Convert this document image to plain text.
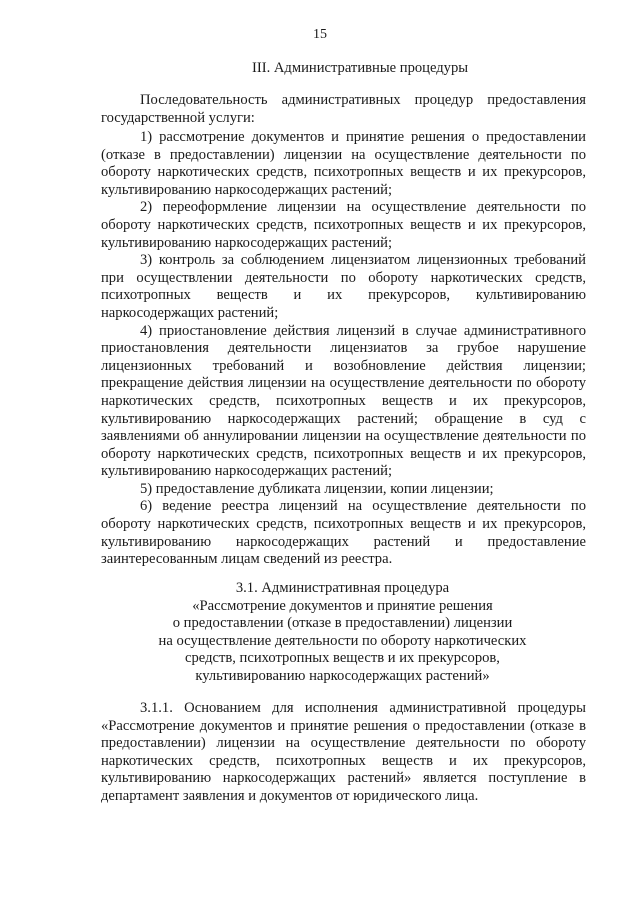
15
III. Административные процедуры

Последовательность административных процедур предоставления государственной услуги:

1) рассмотрение документов и принятие решения о предоставлении (отказе в предоставлении) лицензии на осуществление деятельности по обороту наркотических средств, психотропных веществ и их прекурсоров, культивированию наркосодержащих растений;

2) переоформление лицензии на осуществление деятельности по обороту наркотических средств, психотропных веществ и их прекурсоров, культивированию наркосодержащих растений;

3) контроль за соблюдением лицензиатом лицензионных требований при осуществлении деятельности по обороту наркотических средств, психотропных веществ и их прекурсоров, культивированию наркосодержащих растений;

4) приостановление действия лицензий в случае административного приостановления деятельности лицензиатов за грубое нарушение лицензионных требований и возобновление действия лицензии; прекращение действия лицензии на осуществление деятельности по обороту наркотических средств, психотропных веществ и их прекурсоров, культивированию наркосодержащих растений; обращение в суд с заявлениями об аннулировании лицензии на осуществление деятельности по обороту наркотических средств, психотропных веществ и их прекурсоров, культивированию наркосодержащих растений;

5) предоставление дубликата лицензии, копии лицензии;

6) ведение реестра лицензий на осуществление деятельности по обороту наркотических средств, психотропных веществ и их прекурсоров, культивированию наркосодержащих растений и предоставление заинтересованным лицам сведений из реестра.

3.1. Административная процедура
«Рассмотрение документов и принятие решения
о предоставлении (отказе в предоставлении) лицензии
на осуществление деятельности по обороту наркотических
средств, психотропных веществ и их прекурсоров,
культивированию наркосодержащих растений»

3.1.1. Основанием для исполнения административной процедуры «Рассмотрение документов и принятие решения о предоставлении (отказе в предоставлении) лицензии на осуществление деятельности по обороту наркотических средств, психотропных веществ и их прекурсоров, культивированию наркосодержащих растений» является поступление в департамент заявления и документов от юридического лица.
